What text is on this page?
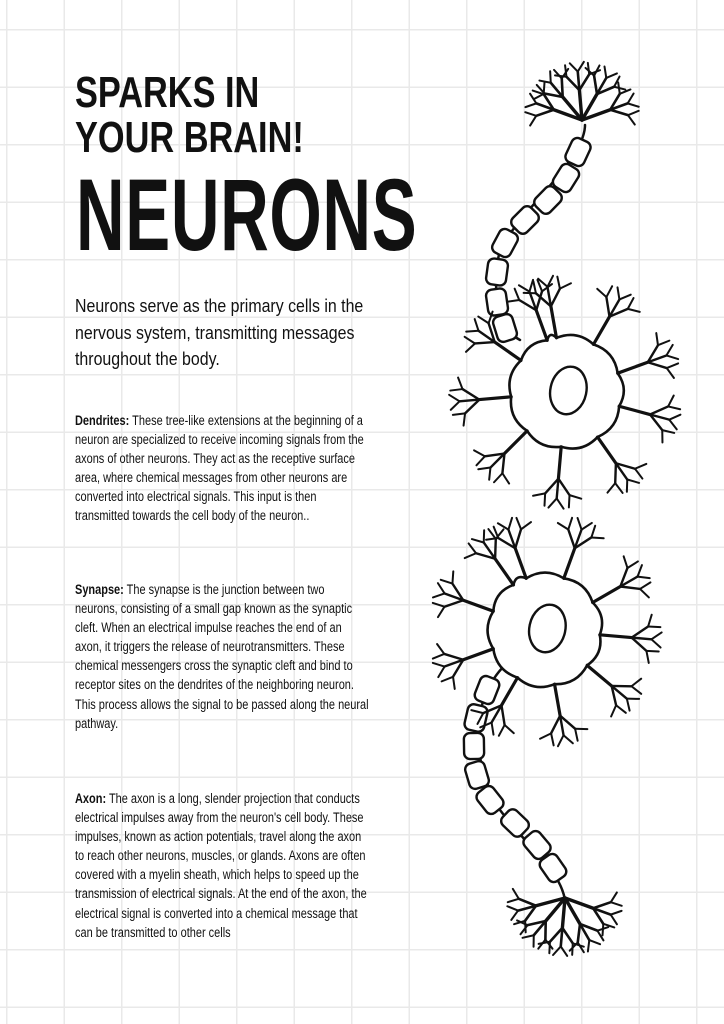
SPARKS IN
YOUR BRAIN!
NEURONS
Neurons serve as the primary cells in the nervous system, transmitting messages throughout the body.
Dendrites: These tree-like extensions at the beginning of a neuron are specialized to receive incoming signals from the axons of other neurons. They act as the receptive surface area, where chemical messages from other neurons are converted into electrical signals. This input is then transmitted towards the cell body of the neuron..
Synapse: The synapse is the junction between two neurons, consisting of a small gap known as the synaptic cleft. When an electrical impulse reaches the end of an axon, it triggers the release of neurotransmitters. These chemical messengers cross the synaptic cleft and bind to receptor sites on the dendrites of the neighboring neuron. This process allows the signal to be passed along the neural pathway.
Axon: The axon is a long, slender projection that conducts electrical impulses away from the neuron's cell body. These impulses, known as action potentials, travel along the axon to reach other neurons, muscles, or glands. Axons are often covered with a myelin sheath, which helps to speed up the transmission of electrical signals. At the end of the axon, the electrical signal is converted into a chemical message that can be transmitted to other cells
